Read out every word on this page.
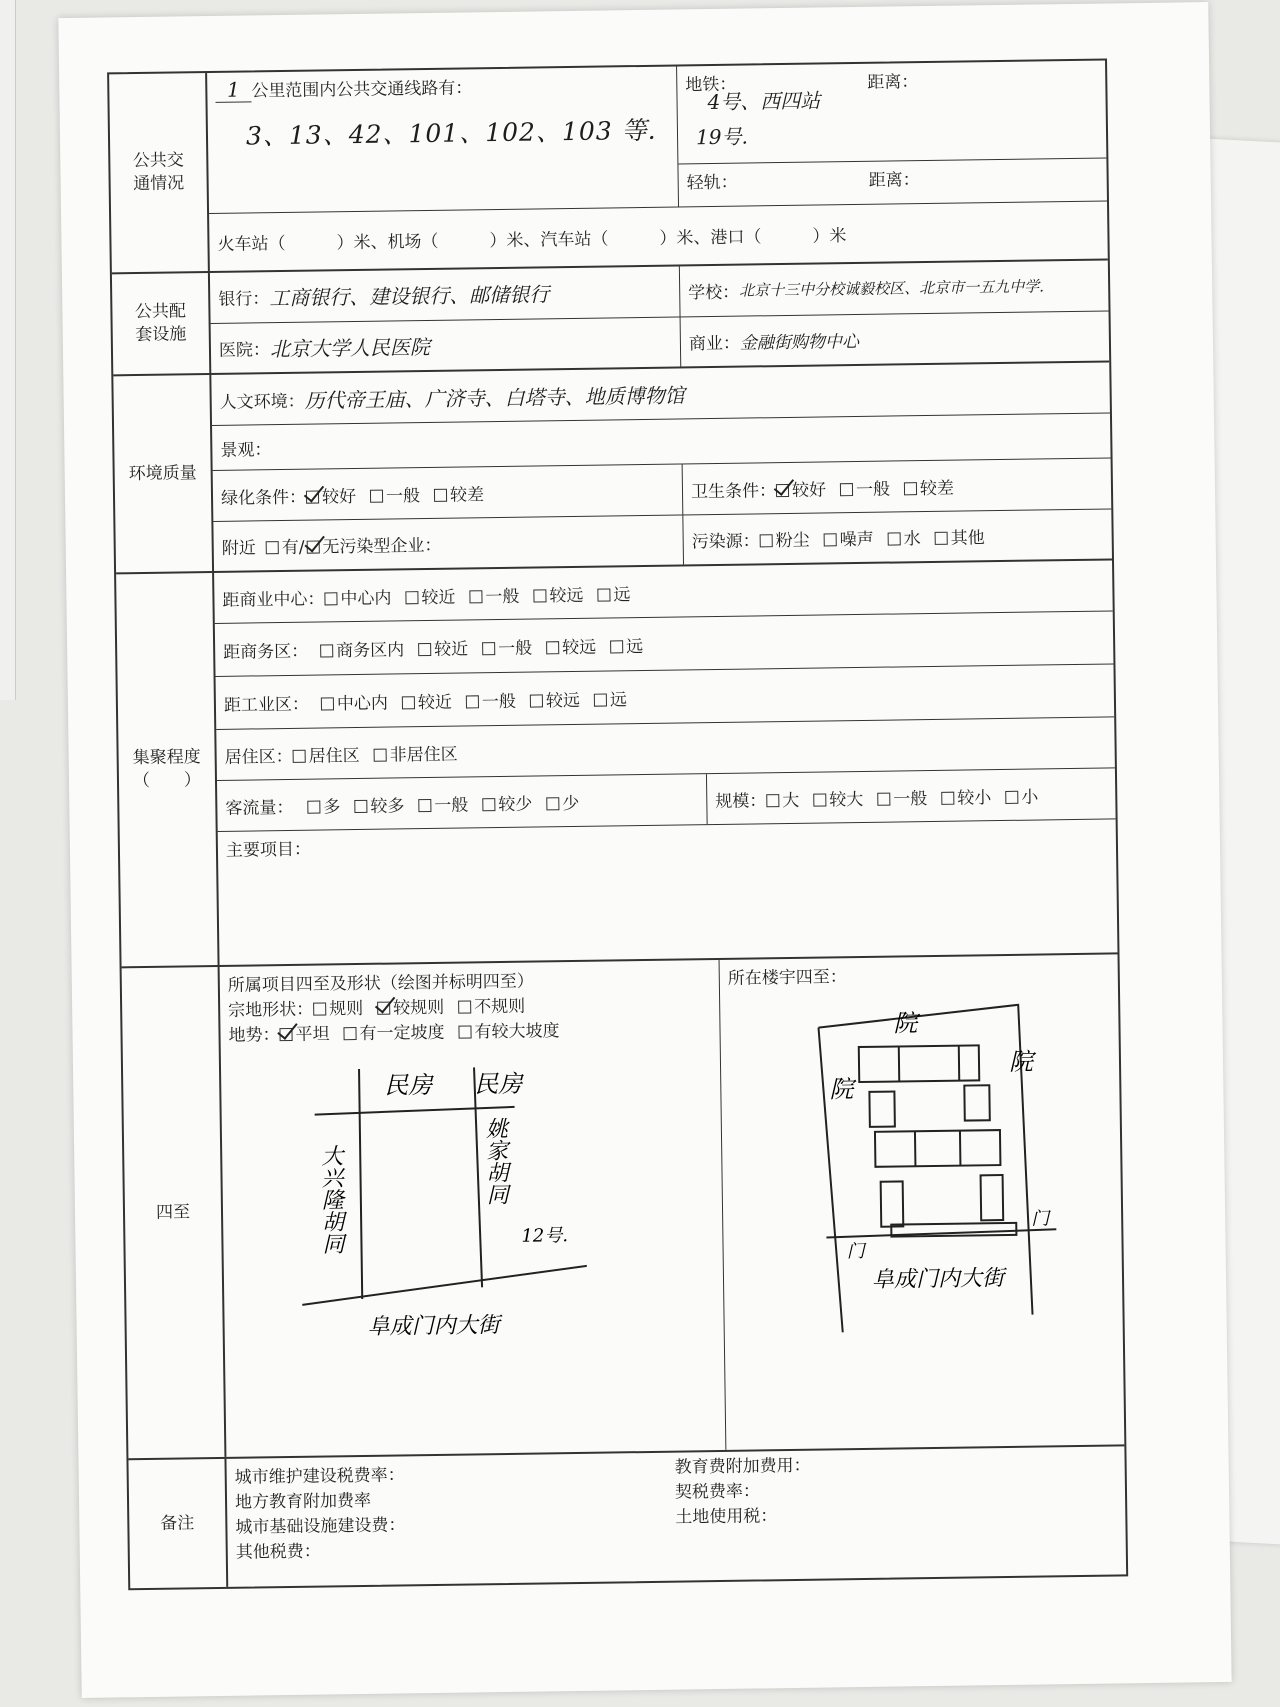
公共交通情况
1 公里范围内公共交通线路有：
3、13、42、101、102、103 等.
地铁：	距离：
4号、西四站
19号.
轻轨：	距离：
火车站（　　　）米、机场（　　　）米、汽车站（　　　）米、港口（　　　）米
公共配套设施
银行： 工商银行、建设银行、邮储银行	学校： 北京十三中分校诚毅校区、北京市一五九中学.
医院： 北京大学人民医院	商业： 金融街购物中心
环境质量
人文环境： 历代帝王庙、广济寺、白塔寺、地质博物馆
景观：
绿化条件： 较好 一般 较差	卫生条件： 较好 一般 较差
附近	有/	无污染型企业：	污染源： 粉尘 噪声 水 其他
集聚程度
（　　）
距商业中心： 中心内 较近 一般 较远 远
距商务区：	商务区内 较近 一般 较远 远
距工业区：	中心内 较近 一般 较远 远
居住区： 居住区 非居住区
客流量：	多 较多 一般 较少 少	规模： 大 较大 一般 较小 小
主要项目：
四至
所属项目四至及形状（绘图并标明四至）
宗地形状： 规则 较规则 不规则
地势： 平坦 有一定坡度 有较大坡度
民房 民房
大兴隆胡同	姚家胡同
12号.
阜成门内大街
所在楼宇四至：
院
院
院
门
门
阜成门内大街
备注
城市维护建设税费率：
地方教育附加费率
城市基础设施建设费：
其他税费：
教育费附加费用：
契税费率：
土地使用税：
